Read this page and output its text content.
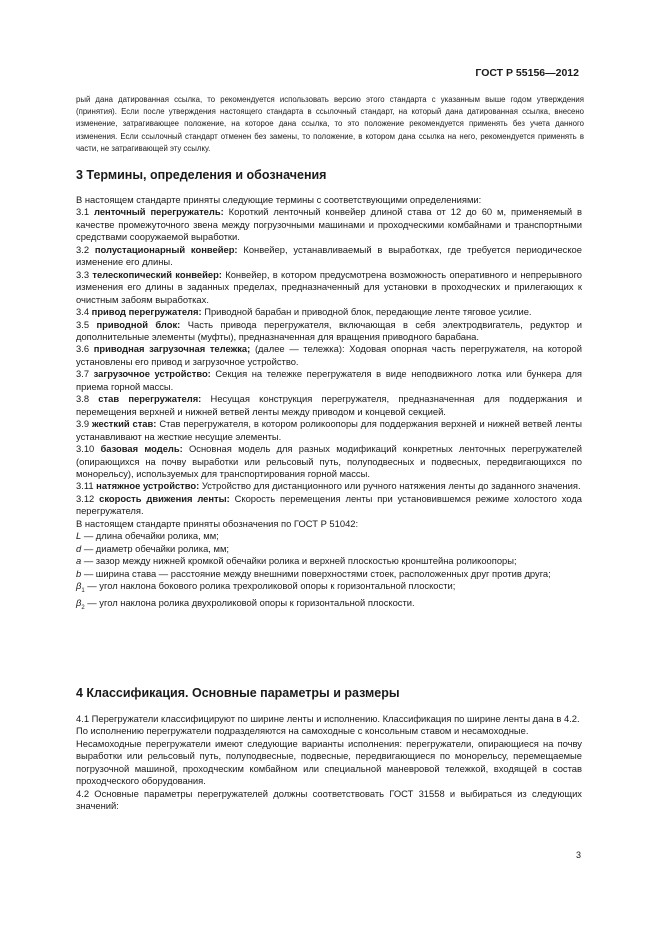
ГОСТ Р 55156—2012

рый дана датированная ссылка, то рекомендуется использовать версию этого стандарта с указанным выше годом утверждения (принятия). Если после утверждения настоящего стандарта в ссылочный стандарт, на который дана датированная ссылка, внесено изменение, затрагивающее положение, на которое дана ссылка, то это положение рекомендуется применять без учета данного изменения. Если ссылочный стандарт отменен без замены, то положение, в котором дана ссылка на него, рекомендуется применять в части, не затрагивающей эту ссылку.

3 Термины, определения и обозначения

В настоящем стандарте приняты следующие термины с соответствующими определениями:

3.1 ленточный перегружатель: Короткий ленточный конвейер длиной става от 12 до 60 м, применяемый в качестве промежуточного звена между погрузочными машинами и проходческими комбайнами и транспортными средствами сооружаемой выработки.

3.2 полустационарный конвейер: Конвейер, устанавливаемый в выработках, где требуется периодическое изменение его длины.

3.3 телескопический конвейер: Конвейер, в котором предусмотрена возможность оперативного и непрерывного изменения его длины в заданных пределах, предназначенный для установки в проходческих и прилегающих к очистным забоям выработках.

3.4 привод перегружателя: Приводной барабан и приводной блок, передающие ленте тяговое усилие.

3.5 приводной блок: Часть привода перегружателя, включающая в себя электродвигатель, редуктор и дополнительные элементы (муфты), предназначенная для вращения приводного барабана.

3.6 приводная загрузочная тележка; (далее — тележка): Ходовая опорная часть перегружателя, на которой установлены его привод и загрузочное устройство.

3.7 загрузочное устройство: Секция на тележке перегружателя в виде неподвижного лотка или бункера для приема горной массы.

3.8 став перегружателя: Несущая конструкция перегружателя, предназначенная для поддержания и перемещения верхней и нижней ветвей ленты между приводом и концевой секцией.

3.9 жесткий став: Став перегружателя, в котором роликоопоры для поддержания верхней и нижней ветвей ленты устанавливают на жесткие несущие элементы.

3.10 базовая модель: Основная модель для разных модификаций конкретных ленточных перегружателей (опирающихся на почву выработки или рельсовый путь, полуподвесных и подвесных, передвигающихся по монорельсу), используемых для транспортирования горной массы.

3.11 натяжное устройство: Устройство для дистанционного или ручного натяжения ленты до заданного значения.

3.12 скорость движения ленты: Скорость перемещения ленты при установившемся режиме холостого хода перегружателя.

В настоящем стандарте приняты обозначения по ГОСТ Р 51042:

L — длина обечайки ролика, мм;

d — диаметр обечайки ролика, мм;

a — зазор между нижней кромкой обечайки ролика и верхней плоскостью кронштейна роликоопоры;

b — ширина става — расстояние между внешними поверхностями стоек, расположенных друг против друга;

$\beta_1$ — угол наклона бокового ролика трехроликовой опоры к горизонтальной плоскости;

$\beta_2$ — угол наклона ролика двухроликовой опоры к горизонтальной плоскости.

4 Классификация. Основные параметры и размеры

4.1 Перегружатели классифицируют по ширине ленты и исполнению. Классификация по ширине ленты дана в 4.2.

По исполнению перегружатели подразделяются на самоходные с консольным ставом и несамоходные.

Несамоходные перегружатели имеют следующие варианты исполнения: перегружатели, опирающиеся на почву выработки или рельсовый путь, полуподвесные, подвесные, передвигающиеся по монорельсу, перемещаемые погрузочной машиной, проходческим комбайном или специальной маневровой тележкой, входящей в состав проходческого оборудования.

4.2 Основные параметры перегружателей должны соответствовать ГОСТ 31558 и выбираться из следующих значений:

3
